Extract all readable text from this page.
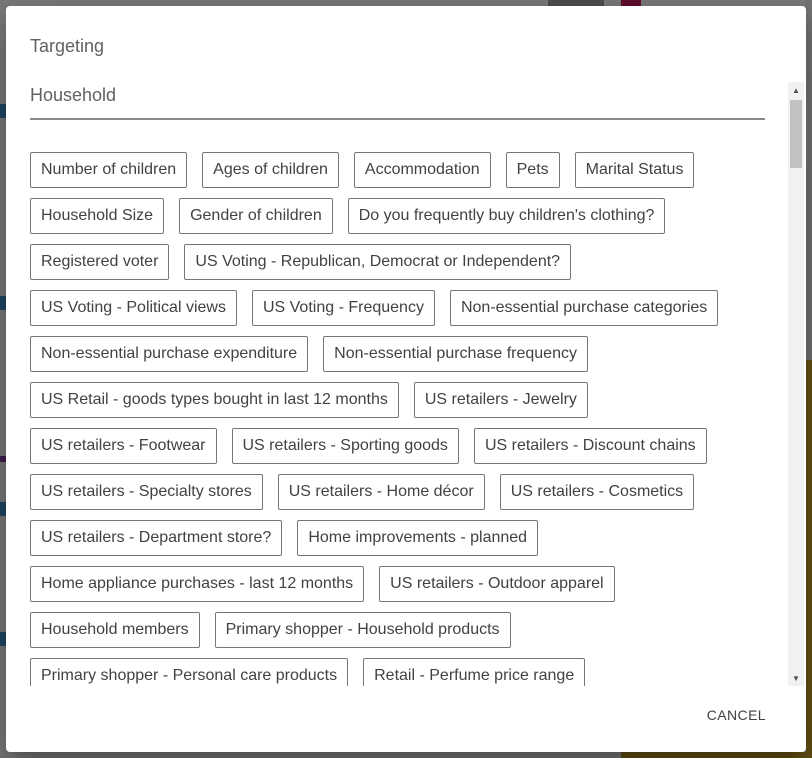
Targeting
Household
Number of children	Ages of children	Accommodation	Pets	Marital Status
Household Size	Gender of children	Do you frequently buy children's clothing?
Registered voter	US Voting - Republican, Democrat or Independent?
US Voting - Political views	US Voting - Frequency	Non-essential purchase categories
Non-essential purchase expenditure	Non-essential purchase frequency
US Retail - goods types bought in last 12 months	US retailers - Jewelry
US retailers - Footwear	US retailers - Sporting goods	US retailers - Discount chains
US retailers - Specialty stores	US retailers - Home décor	US retailers - Cosmetics
US retailers - Department store?	Home improvements - planned
Home appliance purchases - last 12 months	US retailers - Outdoor apparel
Household members	Primary shopper - Household products
Primary shopper - Personal care products	Retail - Perfume price range
▲
▼
CANCEL
